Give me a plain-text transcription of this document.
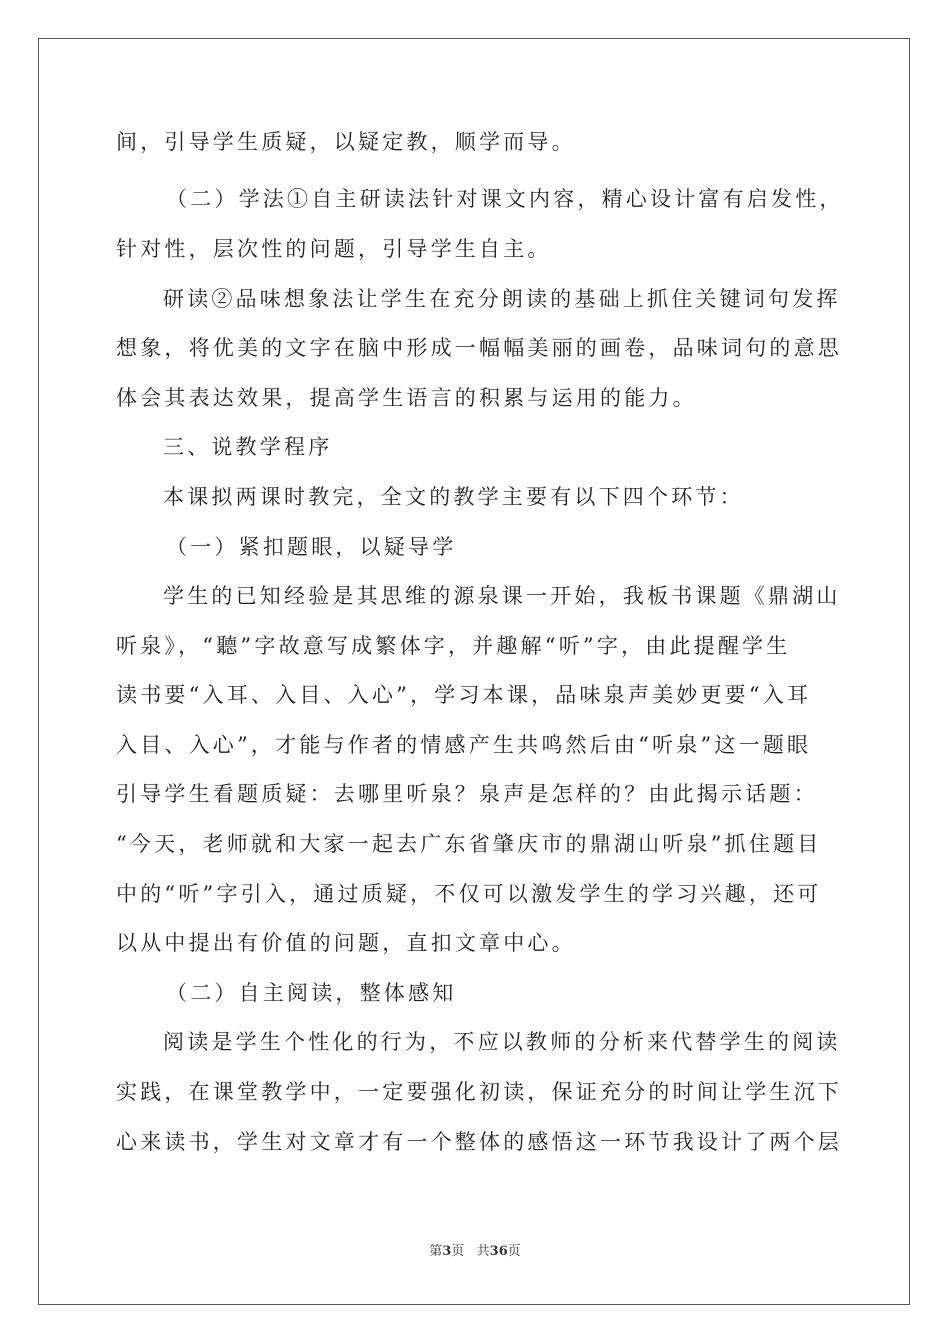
间，引导学生质疑，以疑定教，顺学而导。
（二）学法①自主研读法针对课文内容，精心设计富有启发性，
针对性，层次性的问题，引导学生自主。
研读②品味想象法让学生在充分朗读的基础上抓住关键词句发挥
想象，将优美的文字在脑中形成一幅幅美丽的画卷，品味词句的意思
体会其表达效果，提高学生语言的积累与运用的能力。
三、说教学程序
本课拟两课时教完，全文的教学主要有以下四个环节：
（一）紧扣题眼，以疑导学
学生的已知经验是其思维的源泉课一开始，我板书课题《鼎湖山
听泉》，“聽”字故意写成繁体字，并趣解“听”字，由此提醒学生
读书要“入耳、入目、入心”，学习本课，品味泉声美妙更要“入耳
入目、入心”，才能与作者的情感产生共鸣然后由“听泉”这一题眼
引导学生看题质疑：去哪里听泉？泉声是怎样的？由此揭示话题：
“今天，老师就和大家一起去广东省肇庆市的鼎湖山听泉”抓住题目
中的“听”字引入，通过质疑，不仅可以激发学生的学习兴趣，还可
以从中提出有价值的问题，直扣文章中心。
（二）自主阅读，整体感知
阅读是学生个性化的行为，不应以教师的分析来代替学生的阅读
实践，在课堂教学中，一定要强化初读，保证充分的时间让学生沉下
心来读书，学生对文章才有一个整体的感悟这一环节我设计了两个层
第3页   共36页
